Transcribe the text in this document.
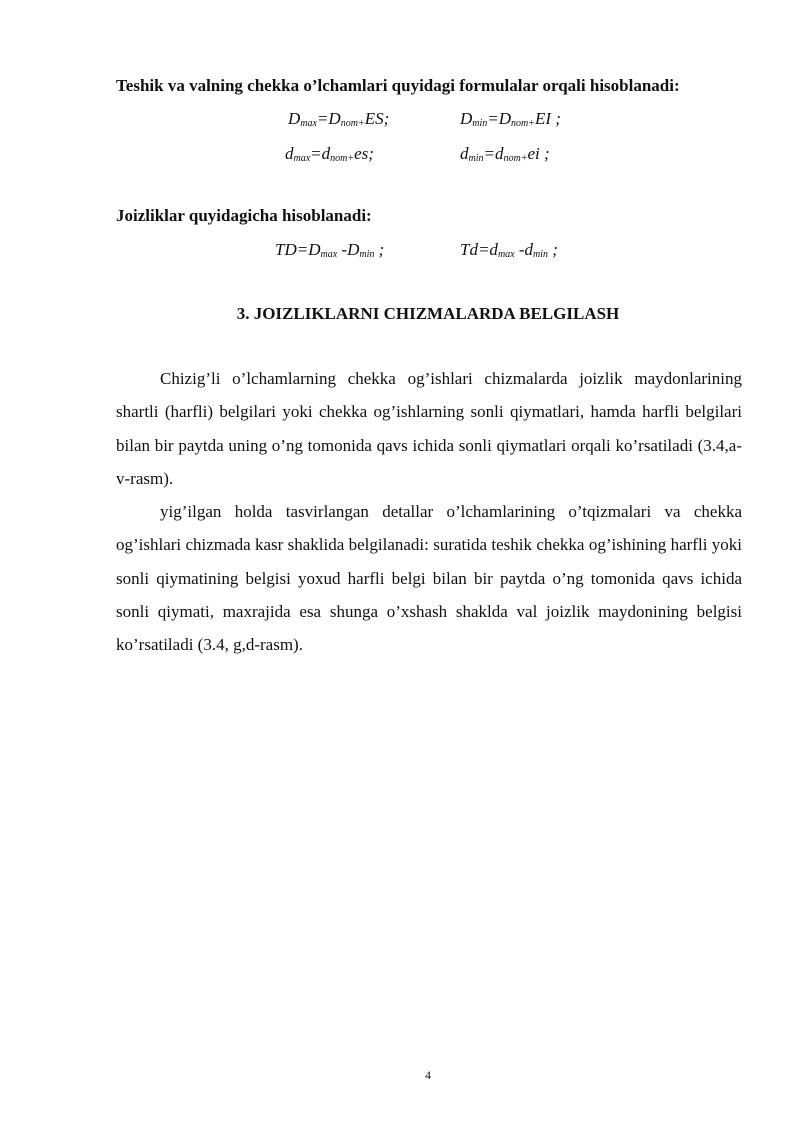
Teshik va valning chekka o’lchamlari quyidagi formulalar orqali hisoblanadi:
$D_{max}=D_{nom+}ES$;	$D_{min}=D_{nom+}EI$ ;
$d_{max}=d_{nom+}es$;	$d_{min}=d_{nom+}ei$ ;
Joizliklar quyidagicha hisoblanadi:
$TD=D_{max}$ $-D_{min}$ ;	$Td=d_{max}$ $-d_{min}$ ;
3. JOIZLIKLARNI CHIZMALARDA BELGILASH

Chizig’li o’lchamlarning chekka og’ishlari chizmalarda joizlik maydonlarining shartli (harfli) belgilari yoki chekka og’ishlarning sonli qiymatlari, hamda harfli belgilari bilan bir paytda uning o’ng tomonida qavs ichida sonli qiymatlari orqali ko’rsatiladi (3.4,a-v-rasm).

yig’ilgan holda tasvirlangan detallar o’lchamlarining o’tqizmalari va chekka og’ishlari chizmada kasr shaklida belgilanadi: suratida teshik chekka og’ishining harfli yoki sonli qiymatining belgisi yoxud harfli belgi bilan bir paytda o’ng tomonida qavs ichida sonli qiymati, maxrajida esa shunga o’xshash shaklda val joizlik maydonining belgisi ko’rsatiladi (3.4, g,d-rasm).

4
